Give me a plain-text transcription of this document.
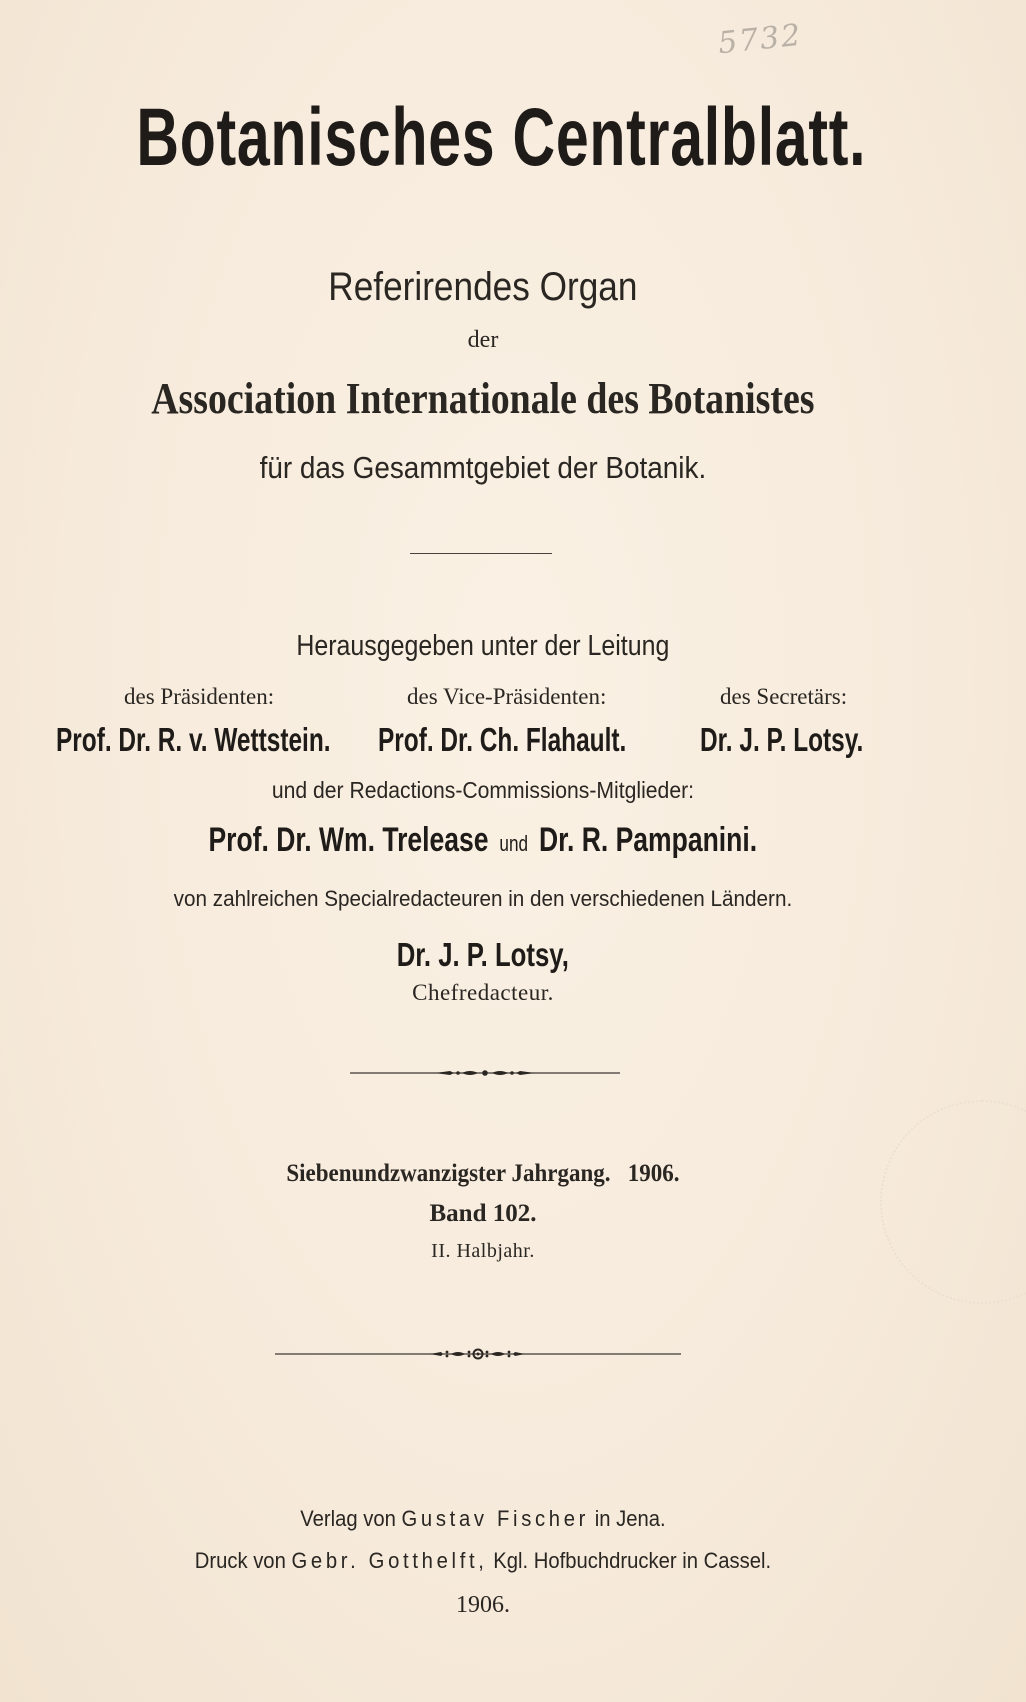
5732
Botanisches Centralblatt.
Referirendes Organ
der
Association Internationale des Botanistes
für das Gesammtgebiet der Botanik.
Herausgegeben unter der Leitung
des Präsidenten:	des Vice-Präsidenten:	des Secretärs:
Prof. Dr. R. v. Wettstein. Prof. Dr. Ch. Flahault. Dr. J. P. Lotsy.
und der Redactions-Commissions-Mitglieder:
Prof. Dr. Wm. Trelease und Dr. R. Pampanini.
von zahlreichen Specialredacteuren in den verschiedenen Ländern.
Dr. J. P. Lotsy,
Chefredacteur.
Siebenundzwanzigster Jahrgang. 1906.
Band 102.
II. Halbjahr.
Verlag von Gustav Fischer in Jena.
Druck von Gebr. Gotthelft, Kgl. Hofbuchdrucker in Cassel.
1906.
